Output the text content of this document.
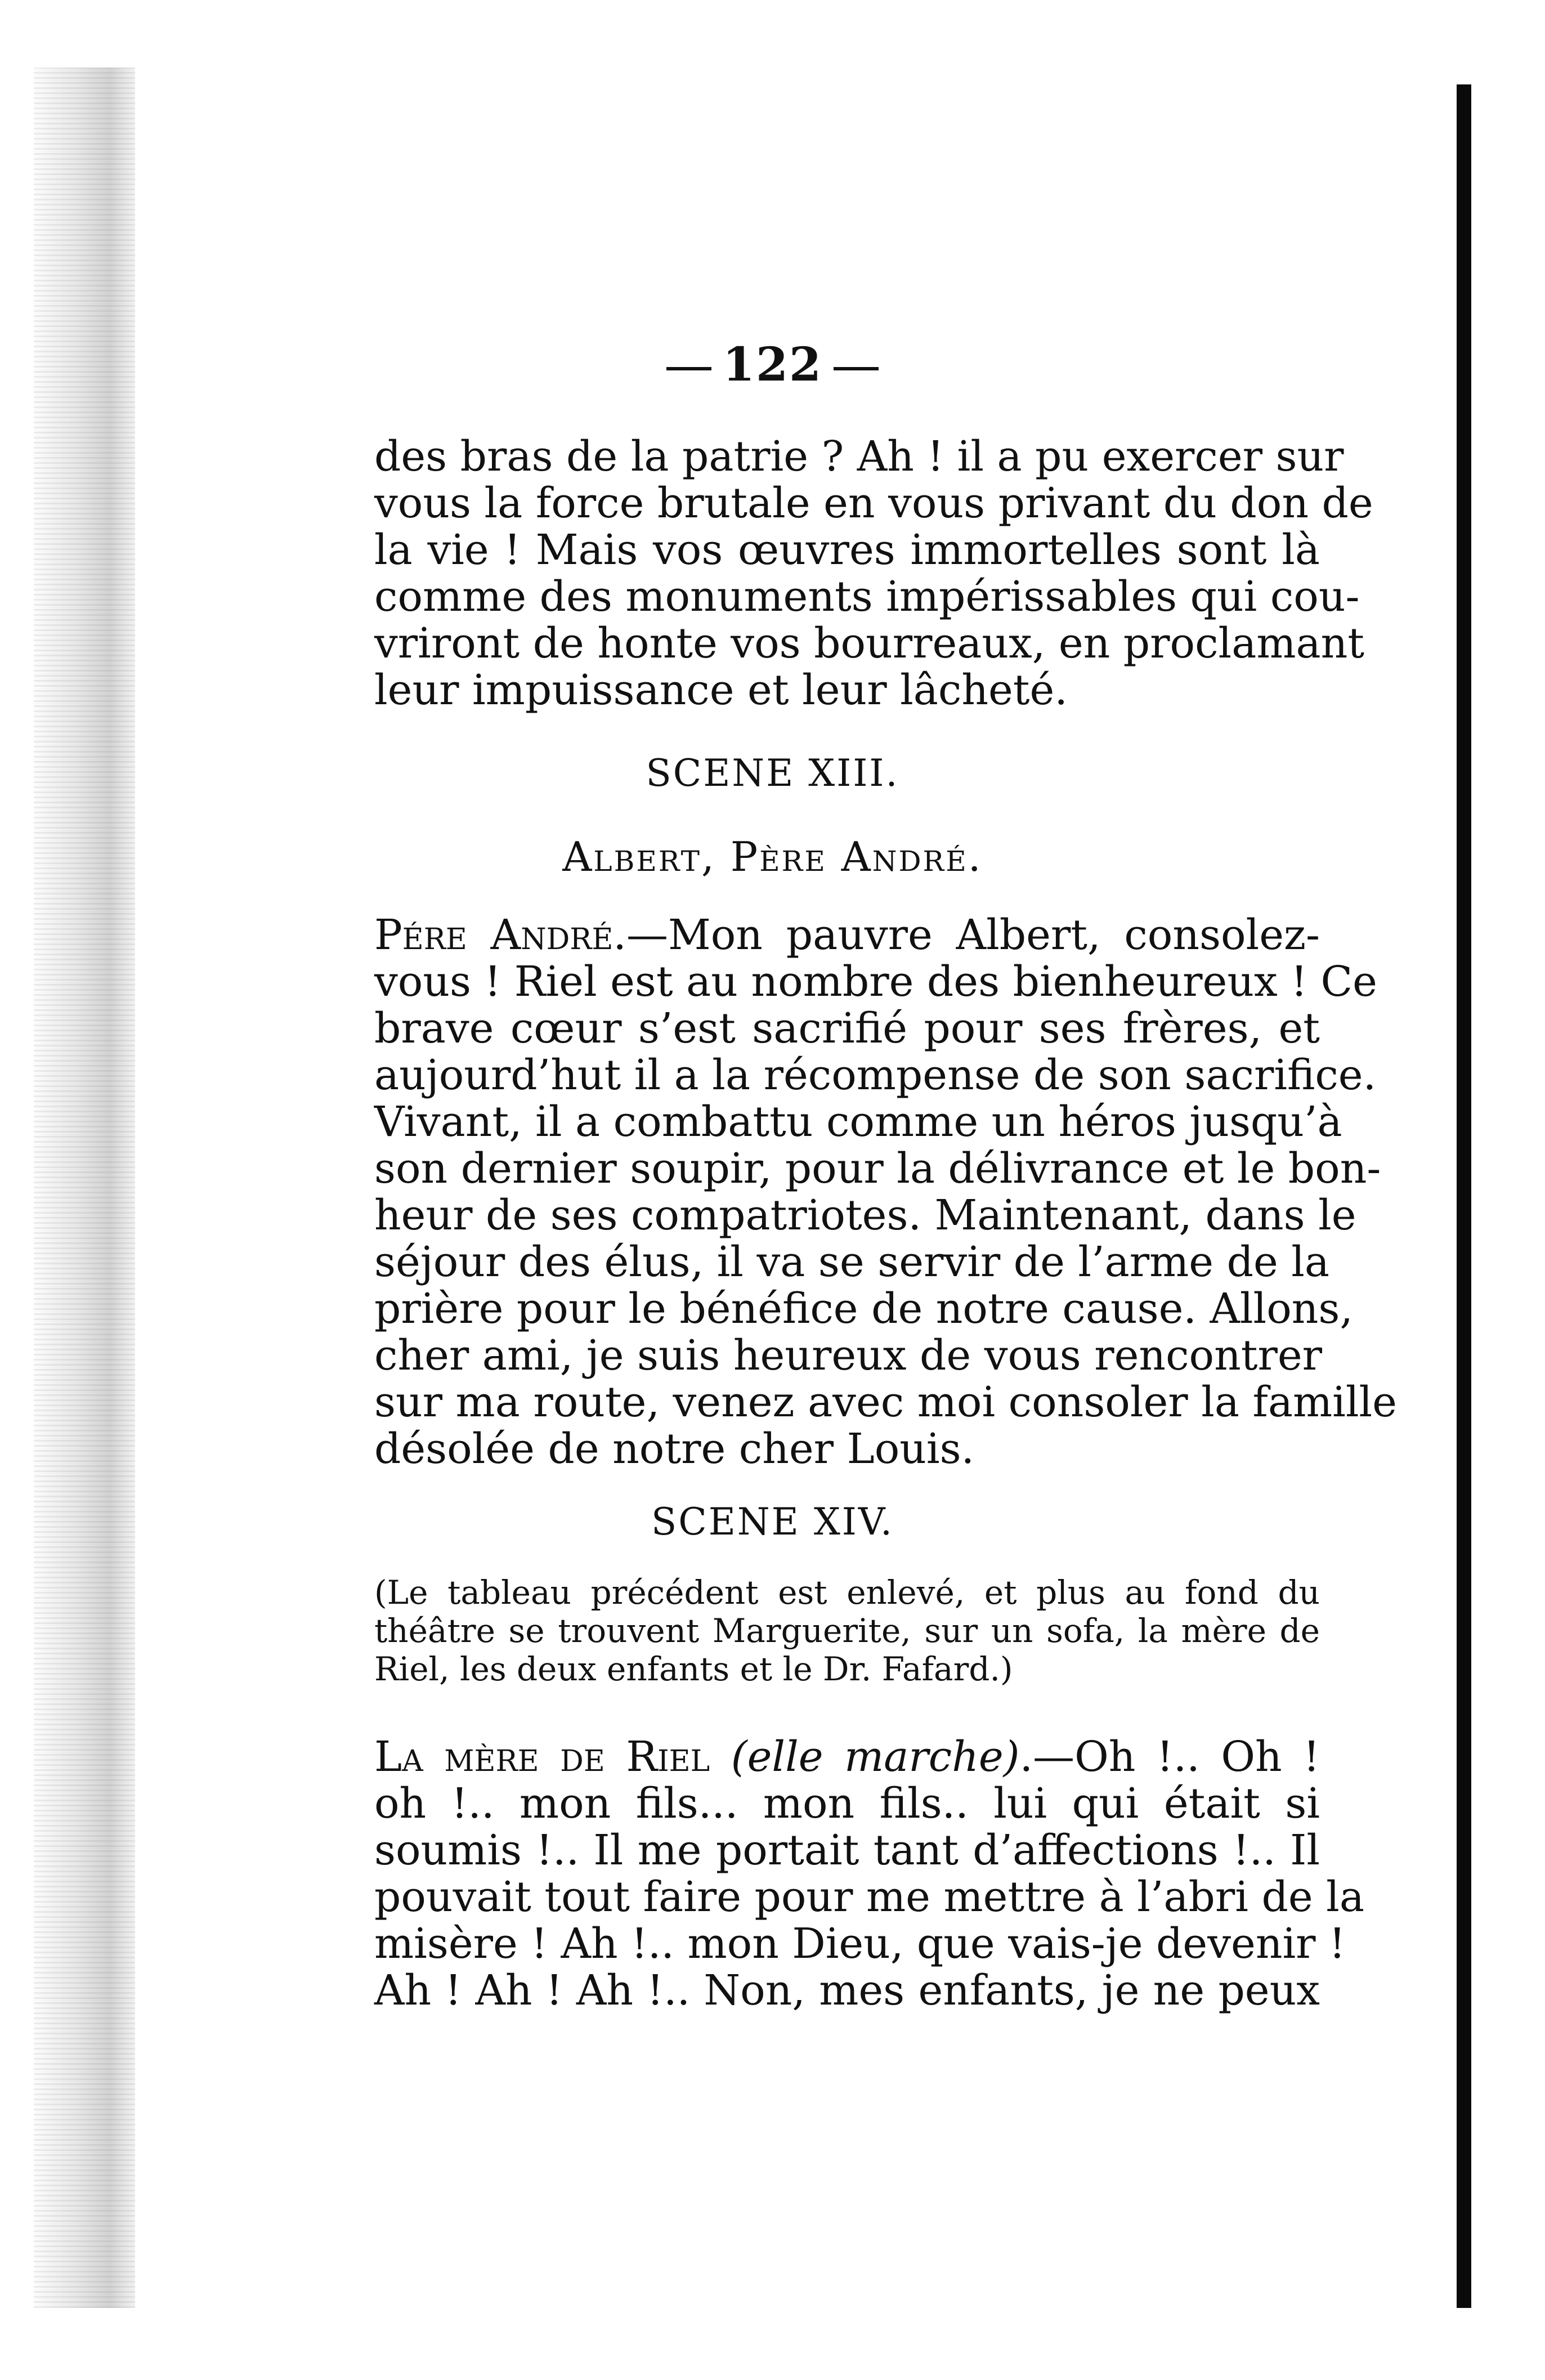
122
des bras de la patrie ? Ah ! il a pu exercer sur
vous la force brutale en vous privant du don de
la vie ! Mais vos œuvres immortelles sont là
comme des monuments impérissables qui cou-
vriront de honte vos bourreaux, en proclamant
leur impuissance et leur lâcheté.
SCENE XIII.
Albert, Père André.
Pére André.—Mon pauvre Albert, consolez-
vous ! Riel est au nombre des bienheureux ! Ce
brave cœur s’est sacrifié pour ses frères, et
aujourd’hut il a la récompense de son sacrifice.
Vivant, il a combattu comme un héros jusqu’à
son dernier soupir, pour la délivrance et le bon-
heur de ses compatriotes. Maintenant, dans le
séjour des élus, il va se servir de l’arme de la
prière pour le bénéfice de notre cause. Allons,
cher ami, je suis heureux de vous rencontrer
sur ma route, venez avec moi consoler la famille
désolée de notre cher Louis.
SCENE XIV.
(Le tableau précédent est enlevé, et plus au fond du
théâtre se trouvent Marguerite, sur un sofa, la mère de
Riel, les deux enfants et le Dr. Fafard.)
La mère de Riel (elle marche).—Oh !.. Oh !
oh !.. mon fils... mon fils.. lui qui était si
soumis !.. Il me portait tant d’affections !.. Il
pouvait tout faire pour me mettre à l’abri de la
misère ! Ah !.. mon Dieu, que vais-je devenir !
Ah ! Ah ! Ah !.. Non, mes enfants, je ne peux
